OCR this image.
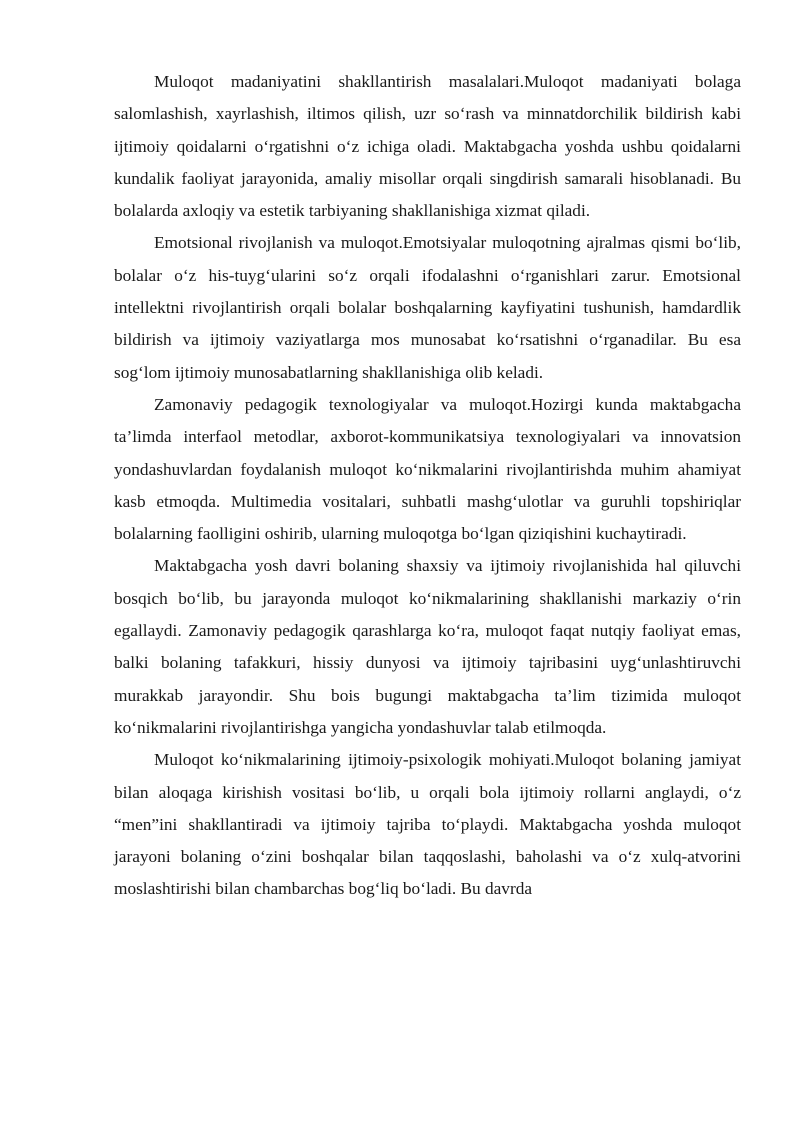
Muloqot madaniyatini shakllantirish masalalari.Muloqot madaniyati bolaga salomlashish, xayrlashish, iltimos qilish, uzr so‘rash va minnatdorchilik bildirish kabi ijtimoiy qoidalarni o‘rgatishni o‘z ichiga oladi. Maktabgacha yoshda ushbu qoidalarni kundalik faoliyat jarayonida, amaliy misollar orqali singdirish samarali hisoblanadi. Bu bolalarda axloqiy va estetik tarbiyaning shakllanishiga xizmat qiladi.

Emotsional rivojlanish va muloqot.Emotsiyalar muloqotning ajralmas qismi bo‘lib, bolalar o‘z his-tuyg‘ularini so‘z orqali ifodalashni o‘rganishlari zarur. Emotsional intellektni rivojlantirish orqali bolalar boshqalarning kayfiyatini tushunish, hamdardlik bildirish va ijtimoiy vaziyatlarga mos munosabat ko‘rsatishni o‘rganadilar. Bu esa sog‘lom ijtimoiy munosabatlarning shakllanishiga olib keladi.

Zamonaviy pedagogik texnologiyalar va muloqot.Hozirgi kunda maktabgacha ta’limda interfaol metodlar, axborot-kommunikatsiya texnologiyalari va innovatsion yondashuvlardan foydalanish muloqot ko‘nikmalarini rivojlantirishda muhim ahamiyat kasb etmoqda. Multimedia vositalari, suhbatli mashg‘ulotlar va guruhli topshiriqlar bolalarning faolligini oshirib, ularning muloqotga bo‘lgan qiziqishini kuchaytiradi.

Maktabgacha yosh davri bolaning shaxsiy va ijtimoiy rivojlanishida hal qiluvchi bosqich bo‘lib, bu jarayonda muloqot ko‘nikmalarining shakllanishi markaziy o‘rin egallaydi. Zamonaviy pedagogik qarashlarga ko‘ra, muloqot faqat nutqiy faoliyat emas, balki bolaning tafakkuri, hissiy dunyosi va ijtimoiy tajribasini uyg‘unlashtiruvchi murakkab jarayondir. Shu bois bugungi maktabgacha ta’lim tizimida muloqot ko‘nikmalarini rivojlantirishga yangicha yondashuvlar talab etilmoqda.

Muloqot ko‘nikmalarining ijtimoiy-psixologik mohiyati.Muloqot bolaning jamiyat bilan aloqaga kirishish vositasi bo‘lib, u orqali bola ijtimoiy rollarni anglaydi, o‘z “men”ini shakllantiradi va ijtimoiy tajriba to‘playdi. Maktabgacha yoshda muloqot jarayoni bolaning o‘zini boshqalar bilan taqqoslashi, baholashi va o‘z xulq-atvorini moslashtirishi bilan chambarchas bog‘liq bo‘ladi. Bu davrda
